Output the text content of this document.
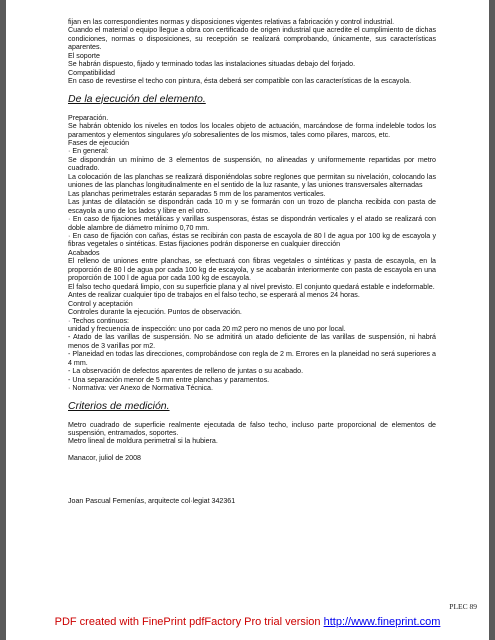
fijan en las correspondientes normas y disposiciones vigentes relativas a fabricación y control industrial.

Cuando el material o equipo llegue a obra con certificado de origen industrial que acredite el cumplimiento de dichas condiciones, normas o disposiciones, su recepción se realizará comprobando, únicamente, sus características aparentes.

El soporte

Se habrán dispuesto, fijado y terminado todas las instalaciones situadas debajo del forjado.

Compatibilidad

En caso de revestirse el techo con pintura, ésta deberá ser compatible con las características de la escayola.

De la ejecución del elemento.

Preparación.

Se habrán obtenido los niveles en todos los locales objeto de actuación, marcándose de forma indeleble todos los paramentos y elementos singulares y/o sobresalientes de los mismos, tales como pilares, marcos, etc.

Fases de ejecución

· En general:

Se dispondrán un mínimo de 3 elementos de suspensión, no alineadas y uniformemente repartidas por metro cuadrado.

La colocación de las planchas se realizará disponiéndolas sobre reglones que permitan su nivelación, colocando las uniones de las planchas longitudinalmente en el sentido de la luz rasante, y las uniones transversales alternadas

Las planchas perimetrales estarán separadas 5 mm de los paramentos verticales.

Las juntas de dilatación se dispondrán cada 10 m y se formarán con un trozo de plancha recibida con pasta de escayola a uno de los lados y libre en el otro.

· En caso de fijaciones metálicas y varillas suspensoras, éstas se dispondrán verticales y el atado se realizará con doble alambre de diámetro mínimo 0,70 mm.

· En caso de fijación con cañas, éstas se recibirán con pasta de escayola de 80 l de agua por 100 kg de escayola y fibras vegetales o sintéticas. Estas fijaciones podrán disponerse en cualquier dirección

Acabados

El relleno de uniones entre planchas, se efectuará con fibras vegetales o sintéticas y pasta de escayola, en la proporción de 80 l de agua por cada 100 kg de escayola, y se acabarán interiormente con pasta de escayola en una proporción de 100 l de agua por cada 100 kg de escayola.

El falso techo quedará limpio, con su superficie plana y al nivel previsto. El conjunto quedará estable e indeformable.

Antes de realizar cualquier tipo de trabajos en el falso techo, se esperará al menos 24 horas.

Control y aceptación

Controles durante la ejecución. Puntos de observación.

· Techos continuos:

unidad y frecuencia de inspección: uno por cada 20 m2 pero no menos de uno por local.

- Atado de las varillas de suspensión. No se admitirá un atado deficiente de las varillas de suspensión, ni habrá menos de 3 varillas por m2.

- Planeidad en todas las direcciones, comprobándose con regla de 2 m. Errores en la planeidad no será superiores a 4 mm.

- La observación de defectos aparentes de relleno de juntas o su acabado.

- Una separación menor de 5 mm entre planchas y paramentos.

· Normativa: ver Anexo de Normativa Técnica.

Criterios de medición.

Metro cuadrado de superficie realmente ejecutada de falso techo, incluso parte proporcional de elementos de suspensión, entramados, soportes.

Metro lineal de moldura perimetral si la hubiera.

Manacor, juliol de 2008

Joan Pascual Femenías, arquitecte col·legiat 342361

PLEC 89
PDF created with FinePrint pdfFactory Pro trial version http://www.fineprint.com
